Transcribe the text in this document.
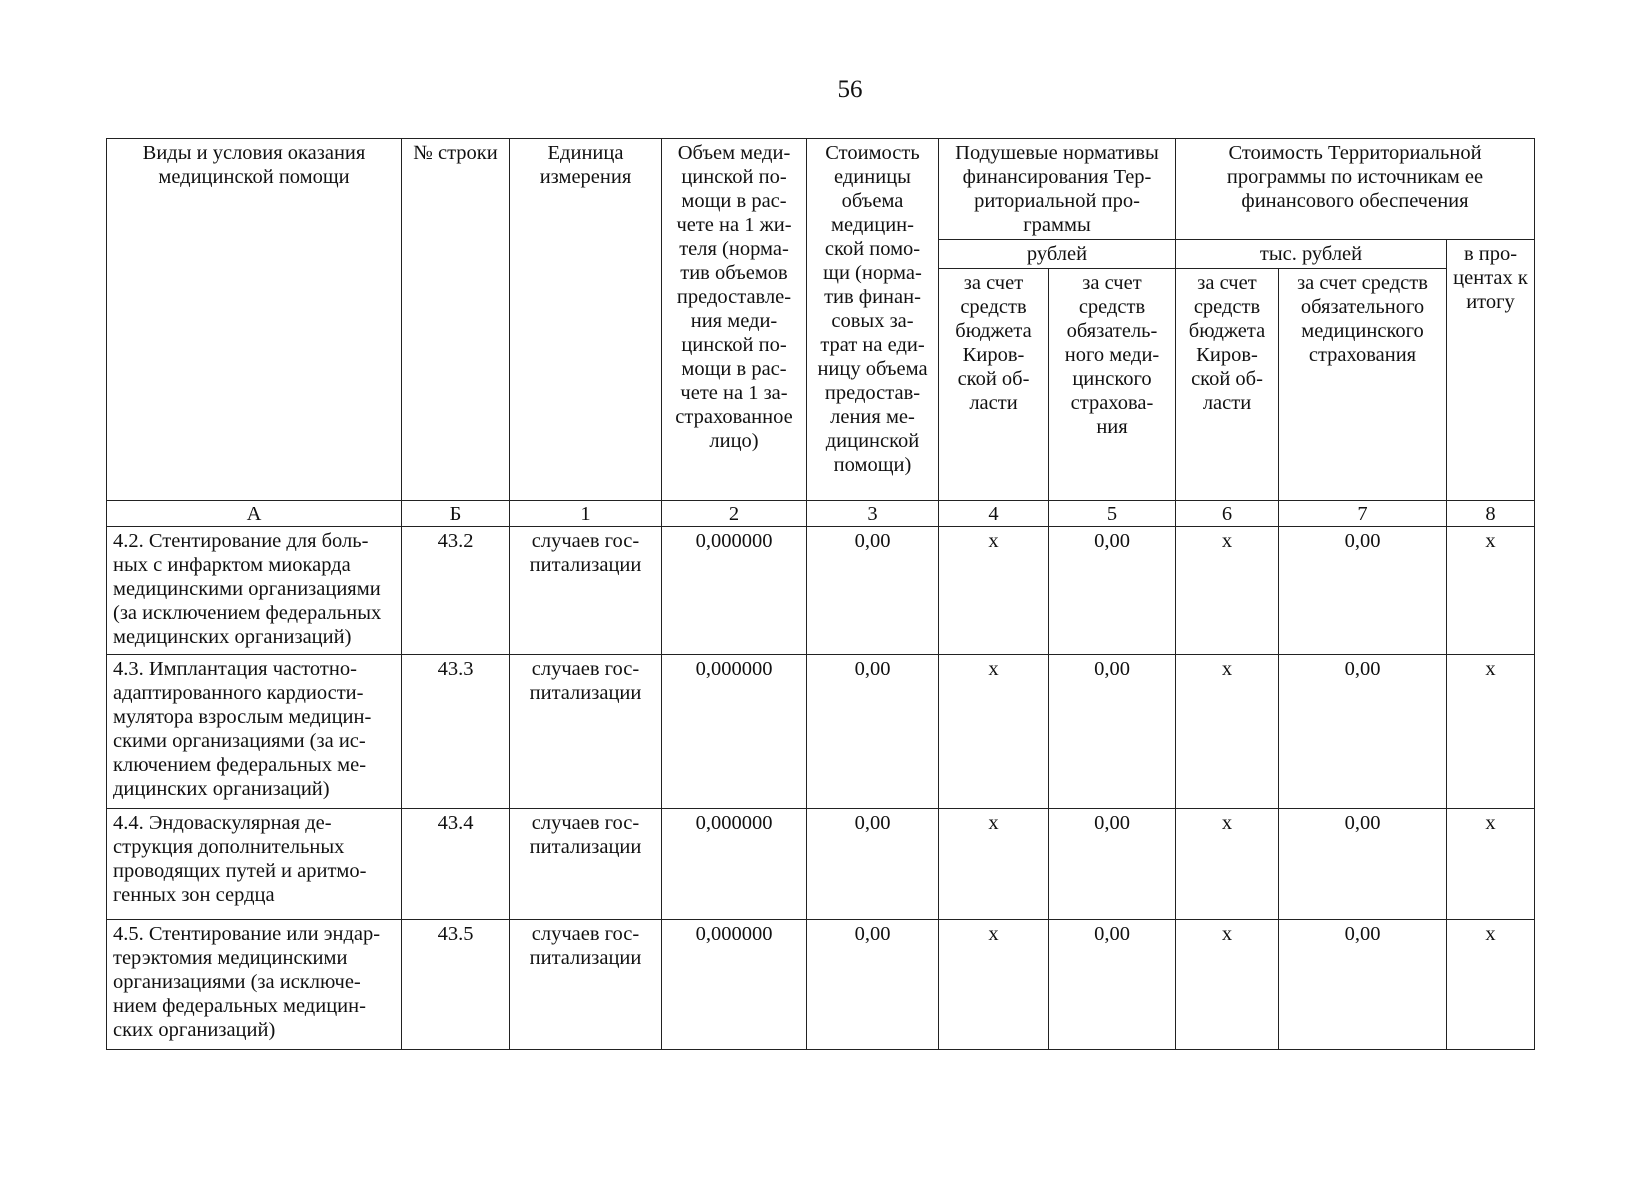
56
Виды и условия оказания медицинской помощи	№ строки	Единица измерения	Объем меди- цинской по- мощи в рас- чете на 1 жи- теля (норма- тив объемов предоставле- ния меди- цинской по- мощи в рас- чете на 1 за- страхованное лицо)	Стоимость единицы объема медицин- ской помо- щи (норма- тив финан- совых за- трат на еди- ницу объема предостав- ления ме- дицинской помощи)	Подушевые нормативы финансирования Тер- риториальной про- граммы		Стоимость Территориальной программы по источникам ее финансового обеспечения		
					рублей		тыс. рублей		в про- центах к итогу
					за счет средств бюджета Киров- ской об- ласти	за счет средств обязатель- ного меди- цинского страхова- ния	за счет средств бюджета Киров- ской об- ласти	за счет средств обязательного медицинского страхования	
А	Б	1	2	3	4	5	6	7	8
4.2. Стентирование для боль- ных с инфарктом миокарда медицинскими организациями (за исключением федеральных медицинских организаций)	43.2	случаев гос- питализации	0,000000	0,00	х	0,00	х	0,00	х
4.3. Имплантация частотно- адаптированного кардиости- мулятора взрослым медицин- скими организациями (за ис- ключением федеральных ме- дицинских организаций)	43.3	случаев гос- питализации	0,000000	0,00	х	0,00	х	0,00	х
4.4. Эндоваскулярная де- струкция дополнительных проводящих путей и аритмо- генных зон сердца	43.4	случаев гос- питализации	0,000000	0,00	х	0,00	х	0,00	х
4.5. Стентирование или эндар- терэктомия медицинскими организациями (за исключе- нием федеральных медицин- ских организаций)	43.5	случаев гос- питализации	0,000000	0,00	х	0,00	х	0,00	х
